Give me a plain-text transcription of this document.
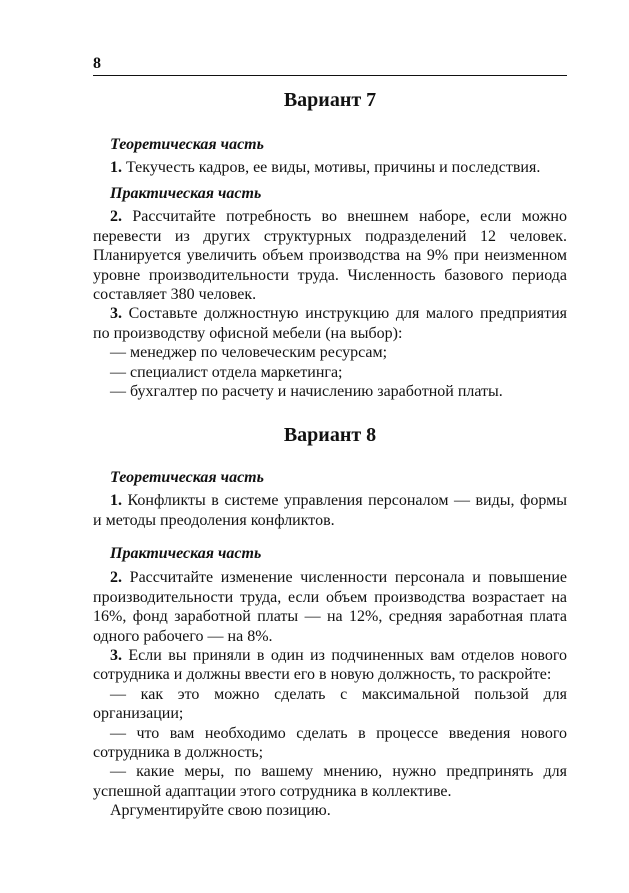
8
Вариант 7
Теоретическая часть

1. Текучесть кадров, ее виды, мотивы, причины и последствия.

Практическая часть

2. Рассчитайте потребность во внешнем наборе, если можно перевести из других структурных подразделений 12 человек. Планируется увеличить объем производства на 9% при неизменном уровне производительности труда. Численность базового периода составляет 380 человек.

3. Составьте должностную инструкцию для малого предприятия по производству офисной мебели (на выбор):

— менеджер по человеческим ресурсам;

— специалист отдела маркетинга;

— бухгалтер по расчету и начислению заработной платы.

Вариант 8
Теоретическая часть

1. Конфликты в системе управления персоналом — виды, формы и методы преодоления конфликтов.

Практическая часть

2. Рассчитайте изменение численности персонала и повышение производительности труда, если объем производства возрастает на 16%, фонд заработной платы — на 12%, средняя заработная плата одного рабочего — на 8%.

3. Если вы приняли в один из подчиненных вам отделов нового сотрудника и должны ввести его в новую должность, то раскройте:

— как это можно сделать с максимальной пользой для организации;

— что вам необходимо сделать в процессе введения нового сотрудника в должность;

— какие меры, по вашему мнению, нужно предпринять для успешной адаптации этого сотрудника в коллективе.

Аргументируйте свою позицию.
